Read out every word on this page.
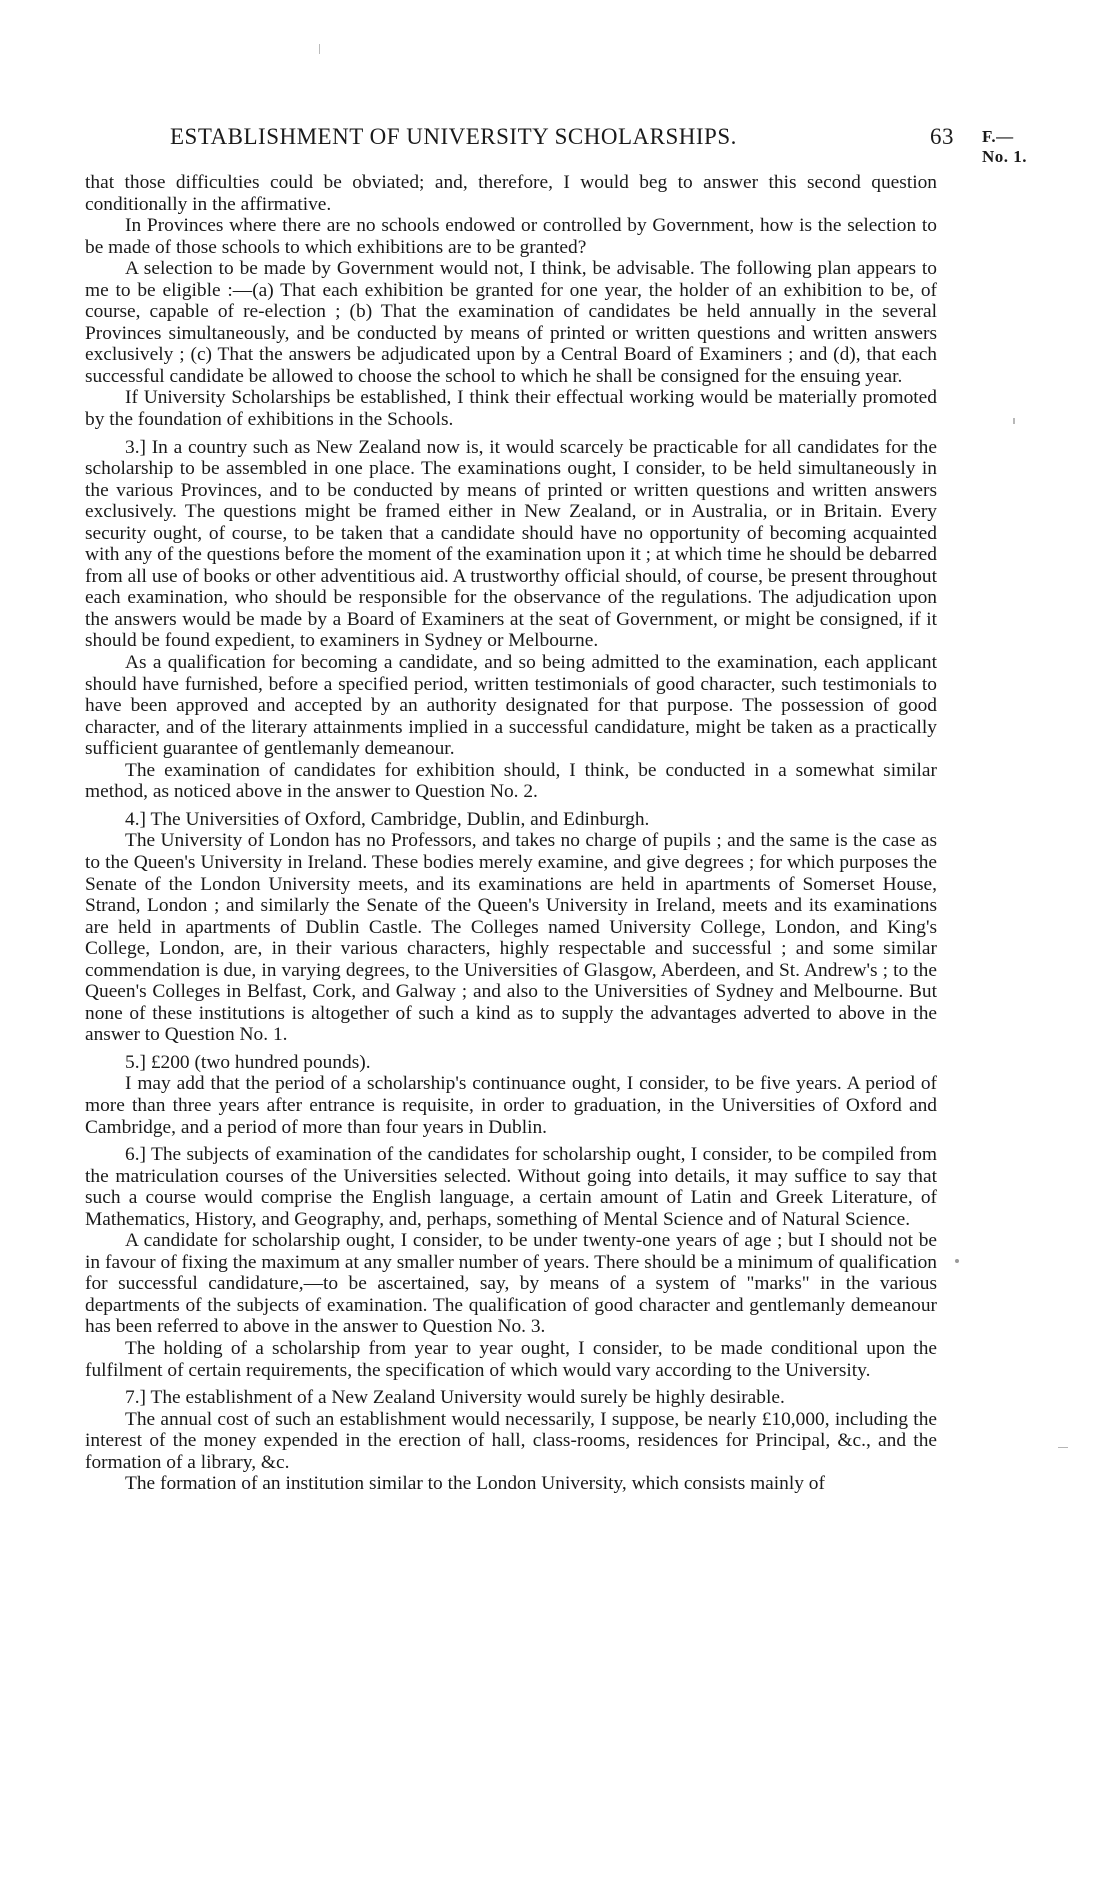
ESTABLISHMENT OF UNIVERSITY SCHOLARSHIPS.	63 F.—No. 1.

that those difficulties could be obviated; and, therefore, I would beg to answer this second question conditionally in the affirmative.

In Provinces where there are no schools endowed or controlled by Government, how is the selection to be made of those schools to which exhibitions are to be granted?

A selection to be made by Government would not, I think, be advisable. The following plan appears to me to be eligible :—(a) That each exhibition be granted for one year, the holder of an exhibition to be, of course, capable of re-election ; (b) That the examination of candidates be held annually in the several Provinces simultaneously, and be conducted by means of printed or written questions and written answers exclusively ; (c) That the answers be adjudicated upon by a Central Board of Examiners ; and (d), that each successful candidate be allowed to choose the school to which he shall be consigned for the ensuing year.

If University Scholarships be established, I think their effectual working would be materially promoted by the foundation of exhibitions in the Schools.

3.] In a country such as New Zealand now is, it would scarcely be practicable for all candidates for the scholarship to be assembled in one place. The examinations ought, I consider, to be held simultaneously in the various Provinces, and to be conducted by means of printed or written questions and written answers exclusively. The questions might be framed either in New Zealand, or in Australia, or in Britain. Every security ought, of course, to be taken that a candidate should have no opportunity of becoming acquainted with any of the questions before the moment of the examination upon it ; at which time he should be debarred from all use of books or other adventitious aid. A trustworthy official should, of course, be present throughout each examination, who should be responsible for the observance of the regulations. The adjudication upon the answers would be made by a Board of Examiners at the seat of Government, or might be consigned, if it should be found expedient, to examiners in Sydney or Melbourne.

As a qualification for becoming a candidate, and so being admitted to the examination, each applicant should have furnished, before a specified period, written testimonials of good character, such testimonials to have been approved and accepted by an authority designated for that purpose. The possession of good character, and of the literary attainments implied in a successful candidature, might be taken as a practically sufficient guarantee of gentlemanly demeanour.

The examination of candidates for exhibition should, I think, be conducted in a somewhat similar method, as noticed above in the answer to Question No. 2.

4.] The Universities of Oxford, Cambridge, Dublin, and Edinburgh.

The University of London has no Professors, and takes no charge of pupils ; and the same is the case as to the Queen's University in Ireland. These bodies merely examine, and give degrees ; for which purposes the Senate of the London University meets, and its examinations are held in apartments of Somerset House, Strand, London ; and similarly the Senate of the Queen's University in Ireland, meets and its examinations are held in apartments of Dublin Castle. The Colleges named University College, London, and King's College, London, are, in their various characters, highly respectable and successful ; and some similar commendation is due, in varying degrees, to the Universities of Glasgow, Aberdeen, and St. Andrew's ; to the Queen's Colleges in Belfast, Cork, and Galway ; and also to the Universities of Sydney and Melbourne. But none of these institutions is altogether of such a kind as to supply the advantages adverted to above in the answer to Question No. 1.

5.] £200 (two hundred pounds).

I may add that the period of a scholarship's continuance ought, I consider, to be five years. A period of more than three years after entrance is requisite, in order to graduation, in the Universities of Oxford and Cambridge, and a period of more than four years in Dublin.

6.] The subjects of examination of the candidates for scholarship ought, I consider, to be compiled from the matriculation courses of the Universities selected. Without going into details, it may suffice to say that such a course would comprise the English language, a certain amount of Latin and Greek Literature, of Mathematics, History, and Geography, and, perhaps, something of Mental Science and of Natural Science.

A candidate for scholarship ought, I consider, to be under twenty-one years of age ; but I should not be in favour of fixing the maximum at any smaller number of years. There should be a minimum of qualification for successful candidature,—to be ascertained, say, by means of a system of "marks" in the various departments of the subjects of examination. The qualification of good character and gentlemanly demeanour has been referred to above in the answer to Question No. 3.

The holding of a scholarship from year to year ought, I consider, to be made conditional upon the fulfilment of certain requirements, the specification of which would vary according to the University.

7.] The establishment of a New Zealand University would surely be highly desirable.

The annual cost of such an establishment would necessarily, I suppose, be nearly £10,000, including the interest of the money expended in the erection of hall, class-rooms, residences for Principal, &c., and the formation of a library, &c.

The formation of an institution similar to the London University, which consists mainly of
